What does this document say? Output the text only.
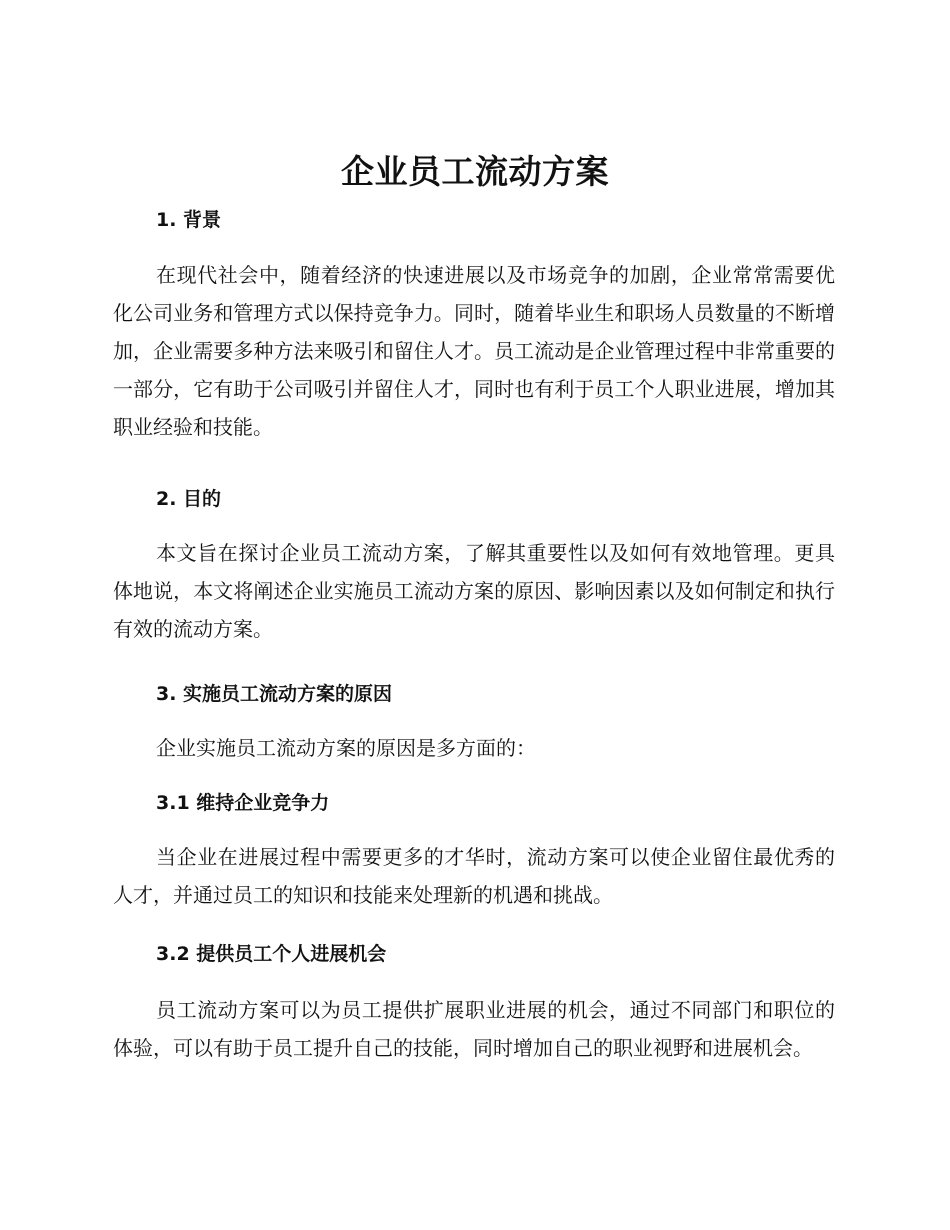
企业员工流动方案
1. 背景

在现代社会中，随着经济的快速进展以及市场竞争的加剧，企业常常需要优化公司业务和管理方式以保持竞争力。同时，随着毕业生和职场人员数量的不断增加，企业需要多种方法来吸引和留住人才。员工流动是企业管理过程中非常重要的一部分，它有助于公司吸引并留住人才，同时也有利于员工个人职业进展，增加其职业经验和技能。

2. 目的

本文旨在探讨企业员工流动方案，了解其重要性以及如何有效地管理。更具体地说，本文将阐述企业实施员工流动方案的原因、影响因素以及如何制定和执行有效的流动方案。

3. 实施员工流动方案的原因

企业实施员工流动方案的原因是多方面的：

3.1 维持企业竞争力

当企业在进展过程中需要更多的才华时，流动方案可以使企业留住最优秀的人才，并通过员工的知识和技能来处理新的机遇和挑战。

3.2 提供员工个人进展机会

员工流动方案可以为员工提供扩展职业进展的机会，通过不同部门和职位的体验，可以有助于员工提升自己的技能，同时增加自己的职业视野和进展机会。
